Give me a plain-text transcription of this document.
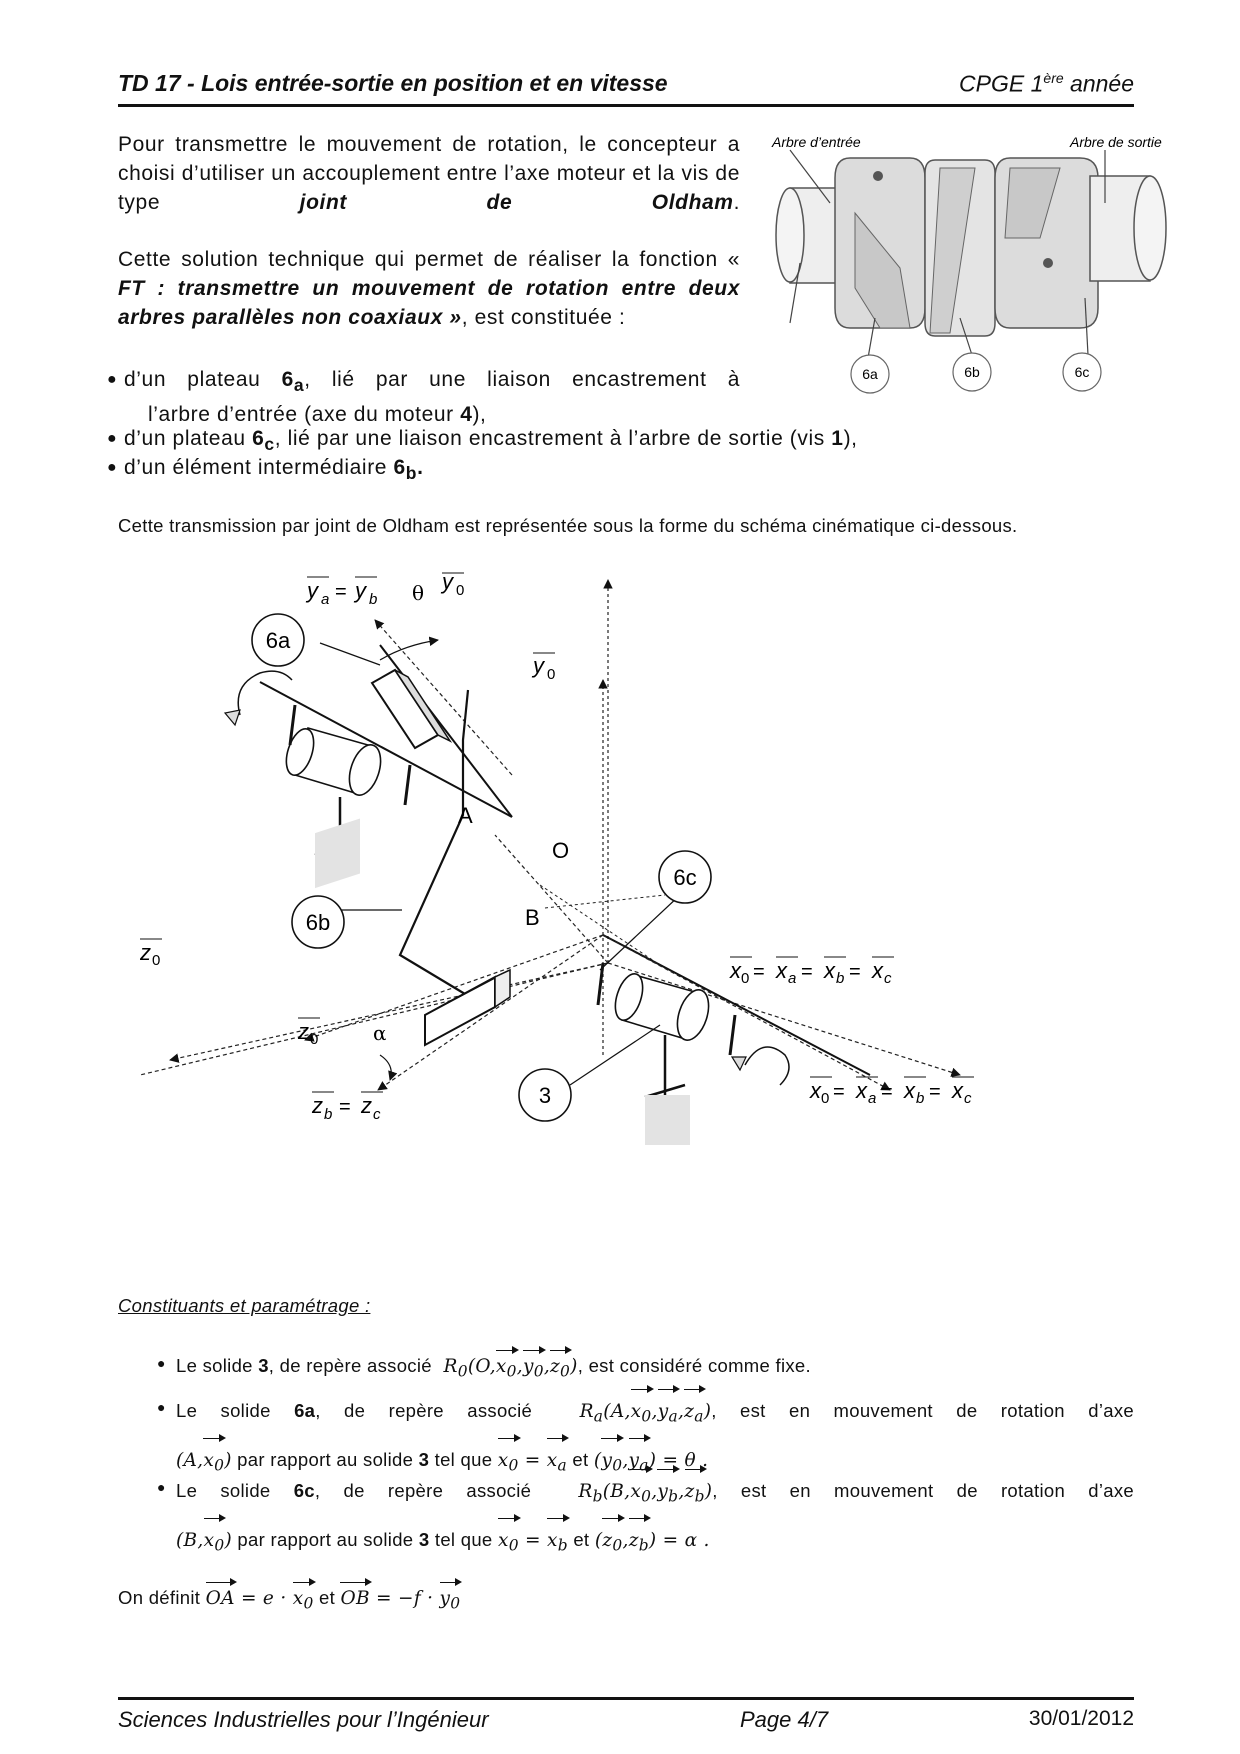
TD 17 - Lois entrée-sortie en position et en vitesse	CPGE 1ère année
Pour transmettre le mouvement de rotation, le concepteur a choisi d’utiliser un accouplement entre l’axe moteur et la vis de type joint de Oldham.
Cette solution technique qui permet de réaliser la fonction « FT : transmettre un mouvement de rotation entre deux arbres parallèles non coaxiaux », est constituée :
● d’un plateau $6_a$, lié par une liaison encastrement à
l’arbre d’entrée (axe du moteur 4),
● d’un plateau $6_c$, lié par une liaison encastrement à l’arbre de sortie (vis 1),
● d’un élément intermédiaire $6_b$.
Cette transmission par joint de Oldham est représentée sous la forme du schéma cinématique ci-dessous.
Arbre d’entrée	Arbre de sortie
6a	6b	6c
6a
6b
6c
3
A
O
B
y 0
y a = y b θ
y 0
z 0
z 0	α
z b = z c
x 0 = x a = x b = x c
x 0 = x a = x b = x c
Constituants et paramétrage :
● Le solide 3, de repère associé  $R_0(O,x_0,y_0,z_0)$, est considéré comme fixe.
● Le solide 6a, de repère associé  $R_a(A,x_0,y_a,z_a)$, est en mouvement de rotation d’axe
$(A,x_0)$ par rapport au solide 3 tel que $x_0 = x_a$ et $(y_0,y_a) = \theta$ .
● Le solide 6c, de repère associé  $R_b(B,x_0,y_b,z_b)$, est en mouvement de rotation d’axe
$(B,x_0)$ par rapport au solide 3 tel que $x_0 = x_b$ et $(z_0,z_b) = \alpha$ .
On définit OA = $e \cdot x_0$ et OB = $-f \cdot y_0$
Sciences Industrielles pour l’Ingénieur	Page 4/7	30/01/2012
